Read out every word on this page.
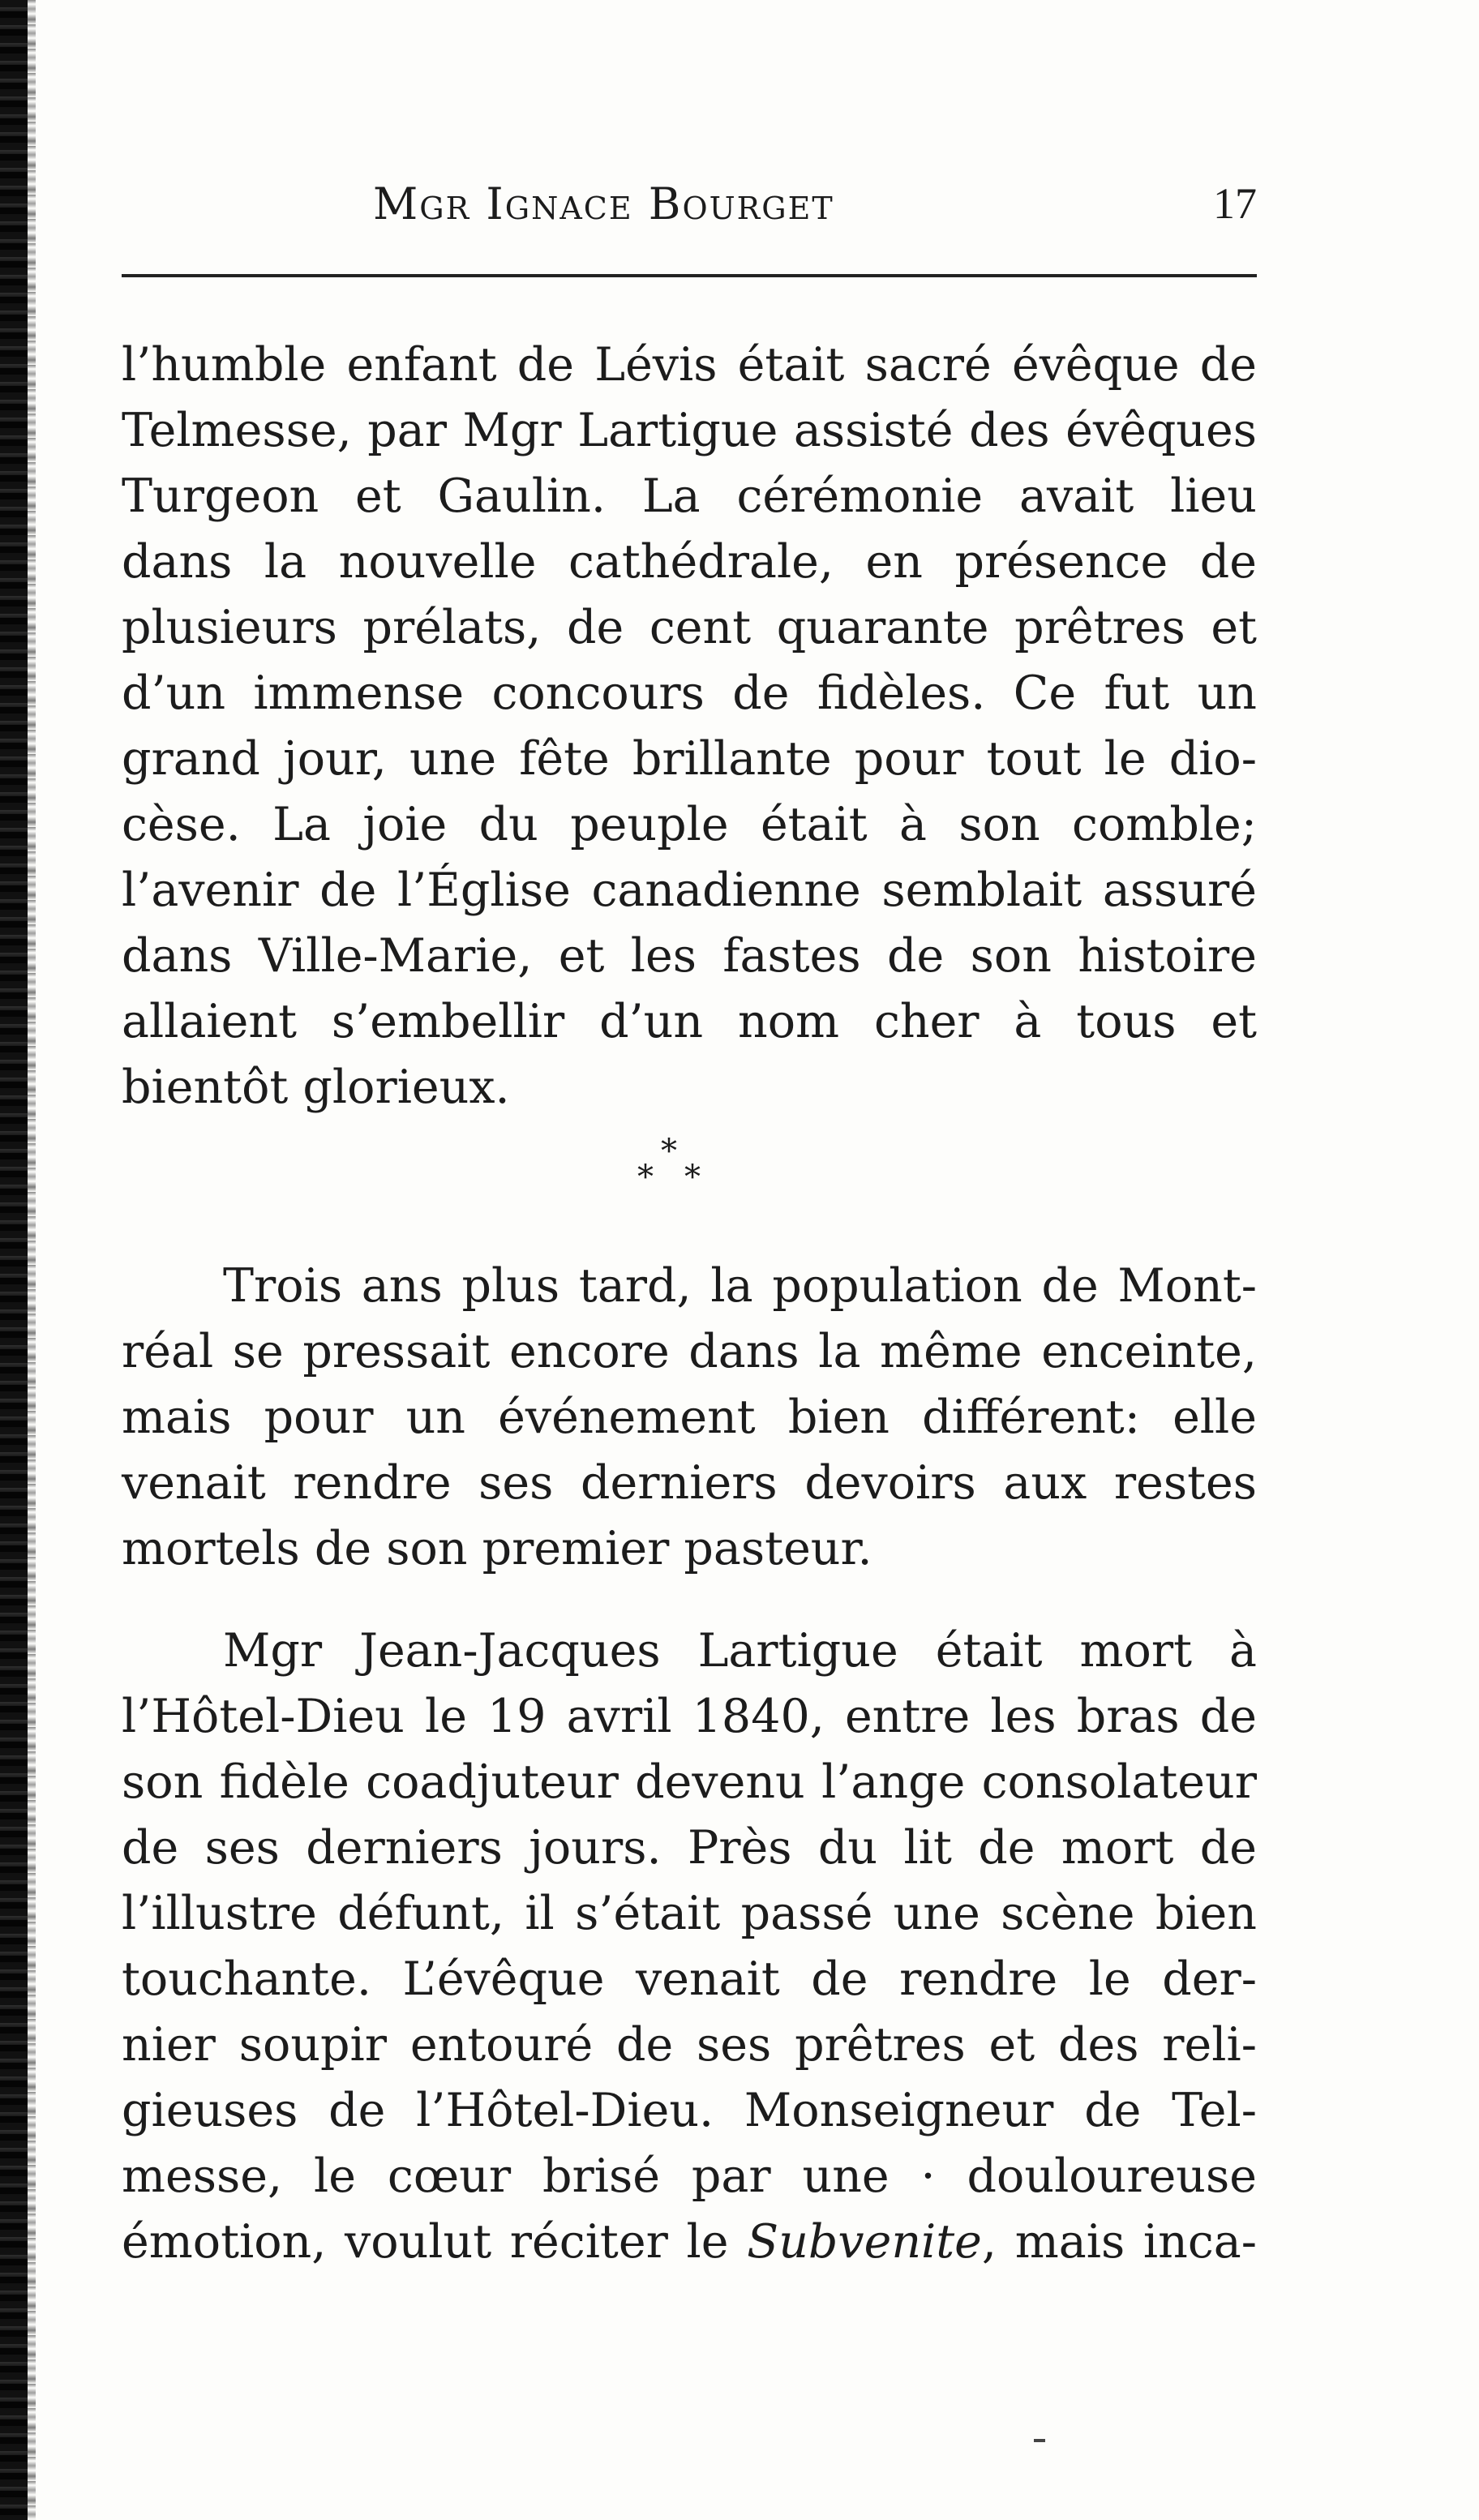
Mgr Ignace Bourget	17

l’humble enfant de Lévis était sacré évêque de
Telmesse, par Mgr Lartigue assisté des évêques
Turgeon et Gaulin. La cérémonie avait lieu
dans la nouvelle cathédrale, en présence de
plusieurs prélats, de cent quarante prêtres et
d’un immense concours de fidèles. Ce fut un
grand jour, une fête brillante pour tout le dio-
cèse. La joie du peuple était à son comble;
l’avenir de l’Église canadienne semblait assuré
dans Ville-Marie, et les fastes de son histoire
allaient s’embellir d’un nom cher à tous et
bientôt glorieux.

*
* *

Trois ans plus tard, la population de Mont-
réal se pressait encore dans la même enceinte,
mais pour un événement bien différent: elle
venait rendre ses derniers devoirs aux restes
mortels de son premier pasteur.

Mgr Jean-Jacques Lartigue était mort à
l’Hôtel-Dieu le 19 avril 1840, entre les bras de
son fidèle coadjuteur devenu l’ange consolateur
de ses derniers jours. Près du lit de mort de
l’illustre défunt, il s’était passé une scène bien
touchante. L’évêque venait de rendre le der-
nier soupir entouré de ses prêtres et des reli-
gieuses de l’Hôtel-Dieu. Monseigneur de Tel-
messe, le cœur brisé par une · douloureuse
émotion, voulut réciter le Subvenite, mais inca-
